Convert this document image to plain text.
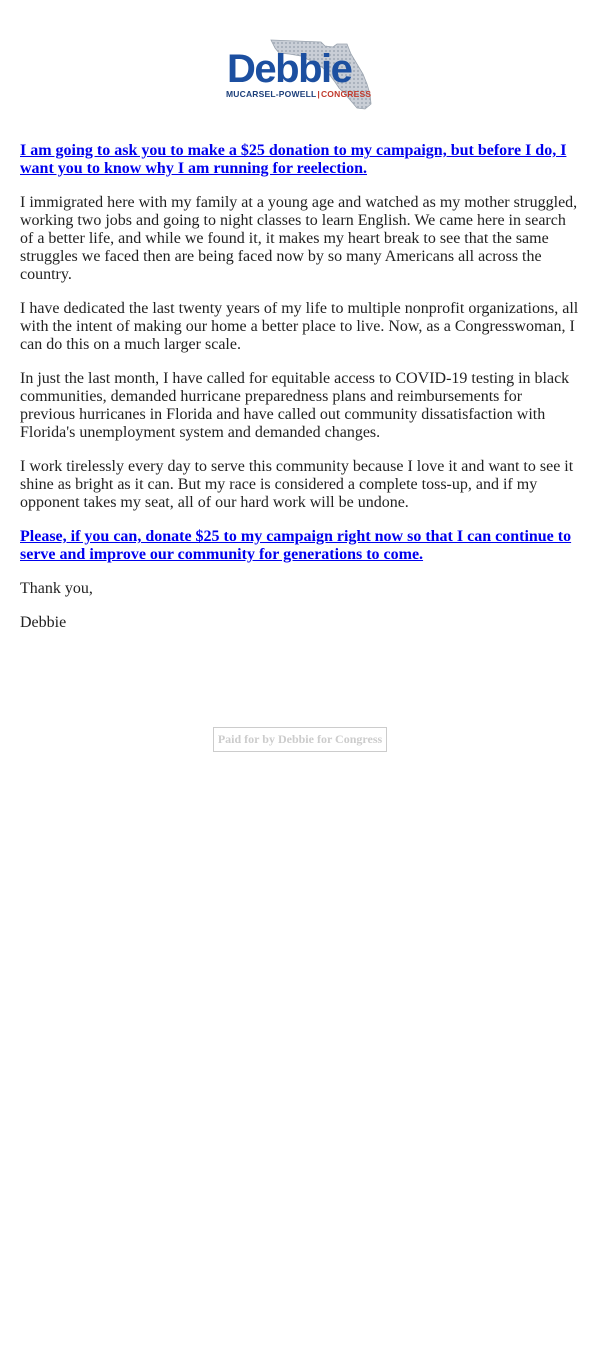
Debbie
MUCARSEL-POWELL|CONGRESS

I am going to ask you to make a $25 donation to my campaign, but before I do, I want you to know why I am running for reelection.

I immigrated here with my family at a young age and watched as my mother struggled, working two jobs and going to night classes to learn English. We came here in search of a better life, and while we found it, it makes my heart break to see that the same struggles we faced then are being faced now by so many Americans all across the country.

I have dedicated the last twenty years of my life to multiple nonprofit organizations, all with the intent of making our home a better place to live. Now, as a Congresswoman, I can do this on a much larger scale.

In just the last month, I have called for equitable access to COVID-19 testing in black communities, demanded hurricane preparedness plans and reimbursements for previous hurricanes in Florida and have called out community dissatisfaction with Florida's unemployment system and demanded changes.

I work tirelessly every day to serve this community because I love it and want to see it shine as bright as it can. But my race is considered a complete toss-up, and if my opponent takes my seat, all of our hard work will be undone.

Please, if you can, donate $25 to my campaign right now so that I can continue to serve and improve our community for generations to come.

Thank you,

Debbie

Paid for by Debbie for Congress
